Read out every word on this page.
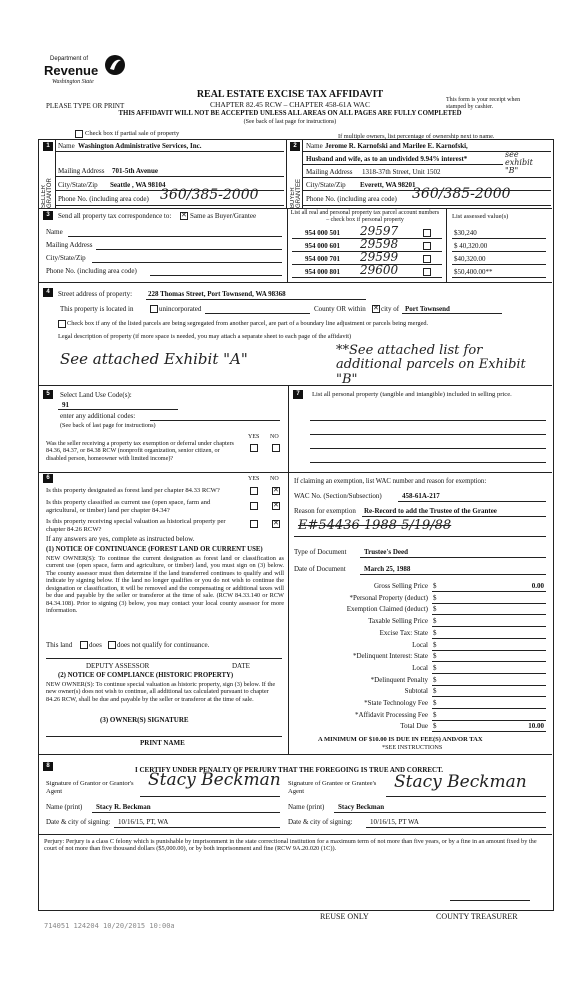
Department of
Revenue
Washington State
REAL ESTATE EXCISE TAX AFFIDAVIT
CHAPTER 82.45 RCW – CHAPTER 458-61A WAC
THIS AFFIDAVIT WILL NOT BE ACCEPTED UNLESS ALL AREAS ON ALL PAGES ARE FULLY COMPLETED
(See back of last page for instructions)
PLEASE TYPE OR PRINT
This form is your receipt when stamped by cashier.
Check box if partial sale of property	If multiple owners, list percentage of ownership next to name.
1
SELLER GRANTOR
Name Washington Administrative Services, Inc.
Mailing Address 701-5th Avenue
City/State/Zip Seattle , WA 98104
Phone No. (including area code) 360/385-2000
2
BUYER GRANTEE
Name Jerome R. Karnofski and Marilee E. Karnofski,
Husband and wife, as to an undivided 9.94% interest*	see exhibit "B"
Mailing Address 1318-37th Street, Unit 1502
City/State/Zip Everett, WA 98201
Phone No. (including area code) 360/385-2000
3	Send all property tax correspondence to: ✕	Same as Buyer/Grantee
Name
Mailing Address
City/State/Zip
Phone No. (including area code)
List all real and personal property tax parcel account numbers – check box if personal property
List assessed value(s)
954 000 501 29597	$30,240
954 000 601 29598	$ 40,320.00
954 000 701 29599	$40,320.00
954 000 801 29600	$50,400.00**
4	Street address of property: 228 Thomas Street, Port Townsend, WA 98368
This property is located in	unincorporated	County OR within ✕ city of Port Townsend
Check box if any of the listed parcels are being segregated from another parcel, are part of a boundary line adjustment or parcels being merged.
Legal description of property (if more space is needed, you may attach a separate sheet to each page of the affidavit)
See attached Exhibit "A"	**See attached list for additional parcels on Exhibit "B"
5	Select Land Use Code(s):
91
enter any additional codes:
(See back of last page for instructions)
YES NO
Was the seller receiving a property tax exemption or deferral under chapters 84.36, 84.37, or 84.38 RCW (nonprofit organization, senior citizen, or disabled person, homeowner with limited income)?
7	List all personal property (tangible and intangible) included in selling price.
6	YES NO
Is this property designated as forest land per chapter 84.33 RCW?
✕
Is this property classified as current use (open space, farm and agricultural, or timber) land per chapter 84.34?
✕
Is this property receiving special valuation as historical property per chapter 84.26 RCW?
✕
If any answers are yes, complete as instructed below.
(1) NOTICE OF CONTINUANCE (FOREST LAND OR CURRENT USE)
NEW OWNER(S): To continue the current designation as forest land or classification as current use (open space, farm and agriculture, or timber) land, you must sign on (3) below. The county assessor must then determine if the land transferred continues to qualify and will indicate by signing below. If the land no longer qualifies or you do not wish to continue the designation or classification, it will be removed and the compensating or additional taxes will be due and payable by the seller or transferor at the time of sale. (RCW 84.33.140 or RCW 84.34.108). Prior to signing (3) below, you may contact your local county assessor for more information.
This land does does not qualify for continuance.
DEPUTY ASSESSOR	DATE
(2) NOTICE OF COMPLIANCE (HISTORIC PROPERTY)
NEW OWNER(S): To continue special valuation as historic property, sign (3) below. If the new owner(s) does not wish to continue, all additional tax calculated pursuant to chapter 84.26 RCW, shall be due and payable by the seller or transferor at the time of sale.
(3) OWNER(S) SIGNATURE
PRINT NAME
If claiming an exemption, list WAC number and reason for exemption:
WAC No. (Section/Subsection)	458-61A-217
Reason for exemption Re-Record to add the Trustee of the Grantee
E#54436 1988 5/19/88
Type of Document	Trustee's Deed
Date of Document	March 25, 1988
Gross Selling Price $	0.00
*Personal Property (deduct) $
Exemption Claimed (deduct) $
Taxable Selling Price $
Excise Tax: State $
Local $
*Delinquent Interest: State $
Local $
*Delinquent Penalty $
Subtotal $
*State Technology Fee $
*Affidavit Processing Fee $
Total Due $	10.00
A MINIMUM OF $10.00 IS DUE IN FEE(S) AND/OR TAX
*SEE INSTRUCTIONS
8	I CERTIFY UNDER PENALTY OF PERJURY THAT THE FOREGOING IS TRUE AND CORRECT.
Signature of Grantor or Grantor's Agent
Stacy Beckman Signature of Grantee or Grantee's Agent	Stacy Beckman
Name (print) Stacy R. Beckman	Name (print) Stacy Beckman
Date & city of signing: 10/16/15, PT, WA	Date & city of signing: 10/16/15, PT WA
Perjury: Perjury is a class C felony which is punishable by imprisonment in the state correctional institution for a maximum term of not more than five years, or by a fine in an amount fixed by the court of not more than five thousand dollars ($5,000.00), or by both imprisonment and fine (RCW 9A.20.020 (1C)).
REUSE ONLY	COUNTY TREASURER
714051 124204 10/20/2015 10:00a
